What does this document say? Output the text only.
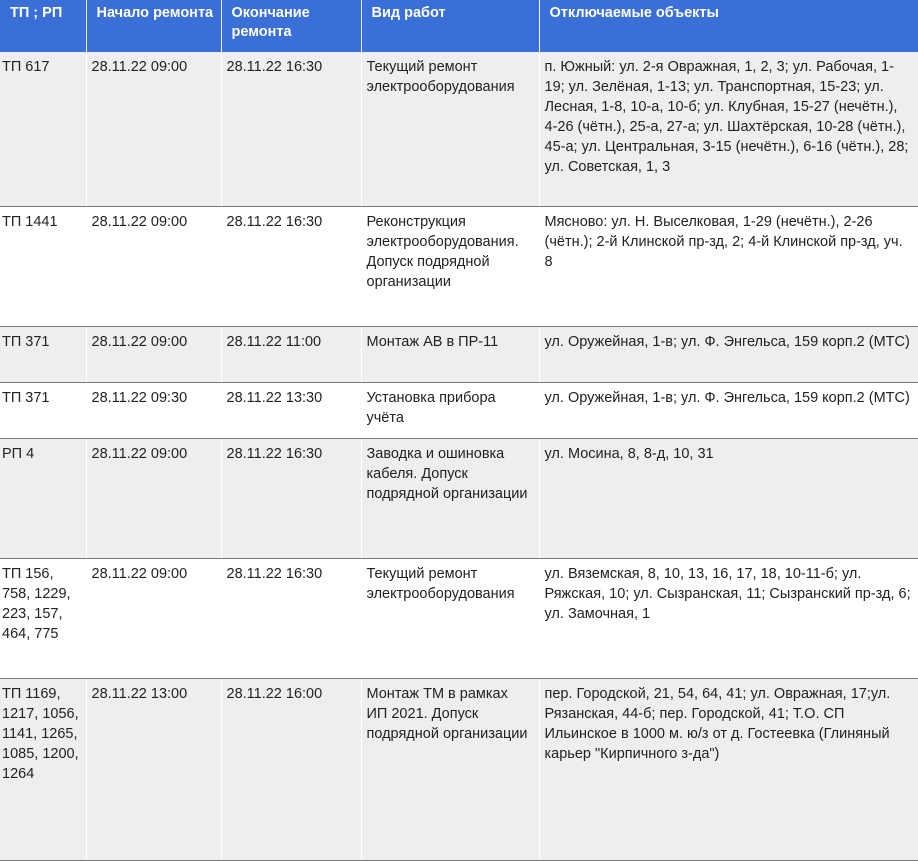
ТП ; РП	Начало ремонта	Окончание ремонта	Вид работ	Отключаемые объекты
ТП 617	28.11.22 09:00	28.11.22 16:30	Текущий ремонт электрооборудования	п. Южный: ул. 2-я Овражная, 1, 2, 3; ул. Рабочая, 1-19; ул. Зелёная, 1-13; ул. Транспортная, 15-23; ул. Лесная, 1-8, 10-а, 10-б; ул. Клубная, 15-27 (нечётн.), 4-26 (чётн.), 25-а, 27-а; ул. Шахтёрская, 10-28 (чётн.), 45-а; ул. Центральная, 3-15 (нечётн.), 6-16 (чётн.), 28; ул. Советская, 1, 3
ТП 1441	28.11.22 09:00	28.11.22 16:30	Реконструкция электрооборудования. Допуск подрядной организации	Мясново: ул. Н. Выселковая, 1-29 (нечётн.), 2-26 (чётн.); 2-й Клинской пр-зд, 2; 4-й Клинской пр-зд, уч. 8
ТП 371	28.11.22 09:00	28.11.22 11:00	Монтаж АВ в ПР-11	ул. Оружейная, 1-в; ул. Ф. Энгельса, 159 корп.2 (МТС)
ТП 371	28.11.22 09:30	28.11.22 13:30	Установка прибора учёта	ул. Оружейная, 1-в; ул. Ф. Энгельса, 159 корп.2 (МТС)
РП 4	28.11.22 09:00	28.11.22 16:30	Заводка и ошиновка кабеля. Допуск подрядной организации	ул. Мосина, 8, 8-д, 10, 31
ТП 156, 758, 1229, 223, 157, 464, 775	28.11.22 09:00	28.11.22 16:30	Текущий ремонт электрооборудования	ул. Вяземская, 8, 10, 13, 16, 17, 18, 10-11-б; ул. Ряжская, 10; ул. Сызранская, 11; Сызранский пр-зд, 6; ул. Замочная, 1
ТП 1169, 1217, 1056, 1141, 1265, 1085, 1200, 1264	28.11.22 13:00	28.11.22 16:00	Монтаж ТМ в рамках ИП 2021. Допуск подрядной организации	пер. Городской, 21, 54, 64, 41; ул. Овражная, 17;ул. Рязанская, 44-б; пер. Городской, 41; Т.О. СП Ильинское в 1000 м. ю/з от д. Гостеевка (Глиняный карьер "Кирпичного з-да")
